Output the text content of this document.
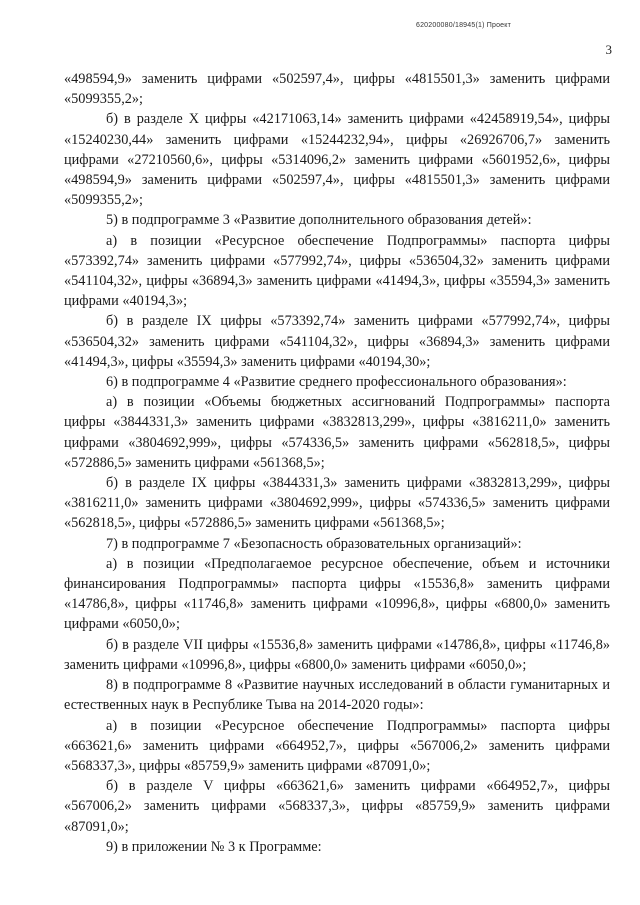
620200080/18945(1) Проект
3

«498594,9» заменить цифрами «502597,4», цифры «4815501,3» заменить цифрами «5099355,2»;

б) в разделе X цифры «42171063,14» заменить цифрами «42458919,54», цифры «15240230,44» заменить цифрами «15244232,94», цифры «26926706,7» заменить цифрами «27210560,6», цифры «5314096,2» заменить цифрами «5601952,6», цифры «498594,9» заменить цифрами «502597,4», цифры «4815501,3» заменить цифрами «5099355,2»;

5) в подпрограмме 3 «Развитие дополнительного образования детей»:

а) в позиции «Ресурсное обеспечение Подпрограммы» паспорта цифры «573392,74» заменить цифрами «577992,74», цифры «536504,32» заменить цифрами «541104,32», цифры «36894,3» заменить цифрами «41494,3», цифры «35594,3» заменить цифрами «40194,3»;

б) в разделе IX цифры «573392,74» заменить цифрами «577992,74», цифры «536504,32» заменить цифрами «541104,32», цифры «36894,3» заменить цифрами «41494,3», цифры «35594,3» заменить цифрами «40194,30»;

6) в подпрограмме 4 «Развитие среднего профессионального образования»:

а) в позиции «Объемы бюджетных ассигнований Подпрограммы» паспорта цифры «3844331,3» заменить цифрами «3832813,299», цифры «3816211,0» заменить цифрами «3804692,999», цифры «574336,5» заменить цифрами «562818,5», цифры «572886,5» заменить цифрами «561368,5»;

б) в разделе IX цифры «3844331,3» заменить цифрами «3832813,299», цифры «3816211,0» заменить цифрами «3804692,999», цифры «574336,5» заменить цифрами «562818,5», цифры «572886,5» заменить цифрами «561368,5»;

7) в подпрограмме 7 «Безопасность образовательных организаций»:

а) в позиции «Предполагаемое ресурсное обеспечение, объем и источники финансирования Подпрограммы» паспорта цифры «15536,8» заменить цифрами «14786,8», цифры «11746,8» заменить цифрами «10996,8», цифры «6800,0» заменить цифрами «6050,0»;

б) в разделе VII цифры «15536,8» заменить цифрами «14786,8», цифры «11746,8» заменить цифрами «10996,8», цифры «6800,0» заменить цифрами «6050,0»;

8) в подпрограмме 8 «Развитие научных исследований в области гуманитарных и естественных наук в Республике Тыва на 2014-2020 годы»:

а) в позиции «Ресурсное обеспечение Подпрограммы» паспорта цифры «663621,6» заменить цифрами «664952,7», цифры «567006,2» заменить цифрами «568337,3», цифры «85759,9» заменить цифрами «87091,0»;

б) в разделе V цифры «663621,6» заменить цифрами «664952,7», цифры «567006,2» заменить цифрами «568337,3», цифры «85759,9» заменить цифрами «87091,0»;

9) в приложении № 3 к Программе:
